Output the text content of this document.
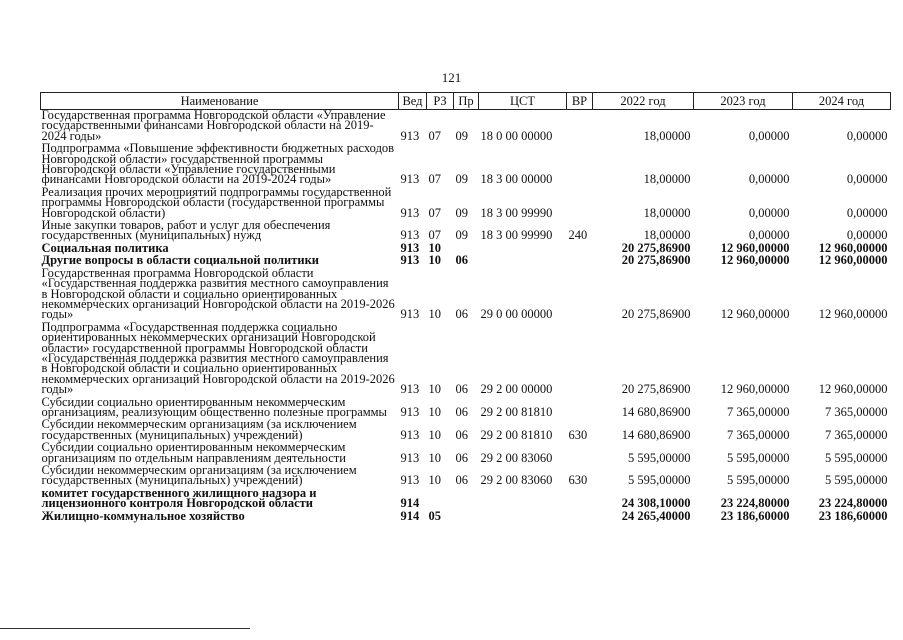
121
Наименование	Вед	РЗ	Пр	ЦСТ	ВР	2022 год	2023 год	2024 год
Государственная программа Новгородской области «Управление государственными финансами Новгородской области на 2019-2024 годы»	913	07	09	18 0 00 00000		18,00000	0,00000	0,00000
Подпрограмма «Повышение эффективности бюджетных расходов Новгородской области» государственной программы Новгородской области «Управление государственными финансами Новгородской области на 2019-2024 годы»	913	07	09	18 3 00 00000		18,00000	0,00000	0,00000
Реализация прочих мероприятий подпрограммы государственной программы Новгородской области (государственной программы Новгородской области)	913	07	09	18 3 00 99990		18,00000	0,00000	0,00000
Иные закупки товаров, работ и услуг для обеспечения государственных (муниципальных) нужд	913	07	09	18 3 00 99990	240	18,00000	0,00000	0,00000
Социальная политика	913	10				20 275,86900	12 960,00000	12 960,00000
Другие вопросы в области социальной политики	913	10	06			20 275,86900	12 960,00000	12 960,00000
Государственная программа Новгородской области «Государственная поддержка развития местного самоуправления в Новгородской области и социально ориентированных некоммерческих организаций Новгородской области на 2019-2026 годы»	913	10	06	29 0 00 00000		20 275,86900	12 960,00000	12 960,00000
Подпрограмма «Государственная поддержка социально ориентированных некоммерческих организаций Новгородской области» государственной программы Новгородской области «Государственная поддержка развития местного самоуправления в Новгородской области и социально ориентированных некоммерческих организаций Новгородской области на 2019-2026 годы»	913	10	06	29 2 00 00000		20 275,86900	12 960,00000	12 960,00000
Субсидии социально ориентированным некоммерческим организациям, реализующим общественно полезные программы	913	10	06	29 2 00 81810		14 680,86900	7 365,00000	7 365,00000
Субсидии некоммерческим организациям (за исключением государственных (муниципальных) учреждений)	913	10	06	29 2 00 81810	630	14 680,86900	7 365,00000	7 365,00000
Субсидии социально ориентированным некоммерческим организациям по отдельным направлениям деятельности	913	10	06	29 2 00 83060		5 595,00000	5 595,00000	5 595,00000
Субсидии некоммерческим организациям (за исключением государственных (муниципальных) учреждений)	913	10	06	29 2 00 83060	630	5 595,00000	5 595,00000	5 595,00000
комитет государственного жилищного надзора и лицензионного контроля Новгородской области	914					24 308,10000	23 224,80000	23 224,80000
Жилищно-коммунальное хозяйство	914	05				24 265,40000	23 186,60000	23 186,60000
